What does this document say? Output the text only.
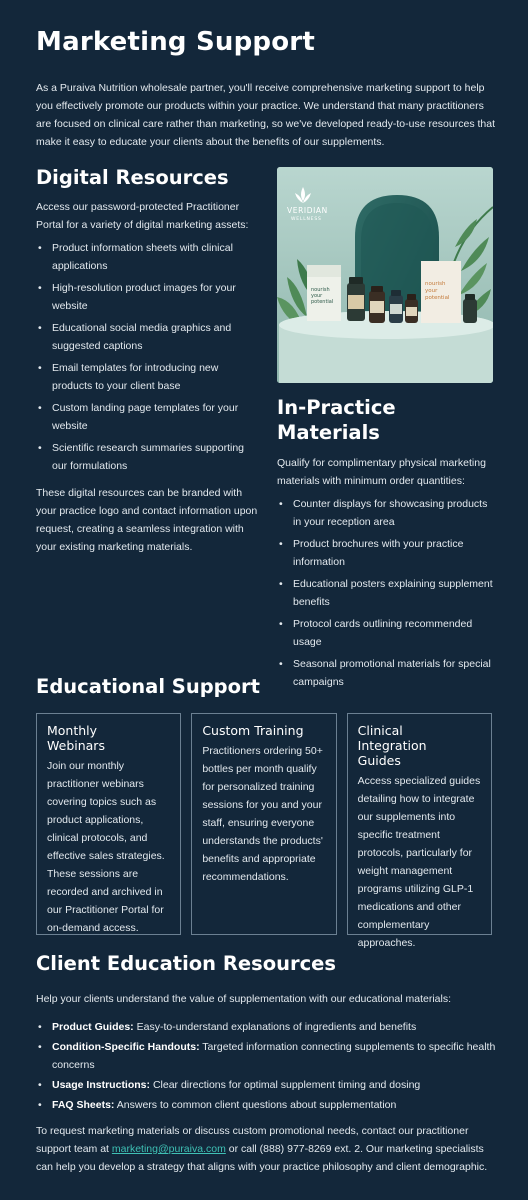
Marketing Support

As a Puraiva Nutrition wholesale partner, you'll receive comprehensive marketing support to help you effectively promote our products within your practice. We understand that many practitioners are focused on clinical care rather than marketing, so we've developed ready-to-use resources that make it easy to educate your clients about the benefits of our supplements.

Digital Resources

Access our password-protected Practitioner Portal for a variety of digital marketing assets:

• Product information sheets with clinical applications
• High-resolution product images for your website
• Educational social media graphics and suggested captions
• Email templates for introducing new products to your client base
• Custom landing page templates for your website
• Scientific research summaries supporting our formulations

These digital resources can be branded with your practice logo and contact information upon request, creating a seamless integration with your existing marketing materials.

nourish
your
potential
nourish
your
potential
VERIDIAN
WELLNESS
In-Practice
Materials

Qualify for complimentary physical marketing materials with minimum order quantities:

• Counter displays for showcasing products in your reception area
• Product brochures with your practice information
• Educational posters explaining supplement benefits
• Protocol cards outlining recommended usage
• Seasonal promotional materials for special campaigns
Educational Support
Monthly
Webinars

Join our monthly practitioner webinars covering topics such as product applications, clinical protocols, and effective sales strategies. These sessions are recorded and archived in our Practitioner Portal for on-demand access.

Custom Training

Practitioners ordering 50+ bottles per month qualify for personalized training sessions for you and your staff, ensuring everyone understands the products' benefits and appropriate recommendations.

Clinical
Integration
Guides

Access specialized guides detailing how to integrate our supplements into specific treatment protocols, particularly for weight management programs utilizing GLP-1 medications and other complementary approaches.

Client Education Resources

Help your clients understand the value of supplementation with our educational materials:

• Product Guides: Easy-to-understand explanations of ingredients and benefits
• Condition-Specific Handouts: Targeted information connecting supplements to specific health concerns
• Usage Instructions: Clear directions for optimal supplement timing and dosing
• FAQ Sheets: Answers to common client questions about supplementation

To request marketing materials or discuss custom promotional needs, contact our practitioner support team at marketing@puraiva.com or call (888) 977-8269 ext. 2. Our marketing specialists can help you develop a strategy that aligns with your practice philosophy and client demographic.
